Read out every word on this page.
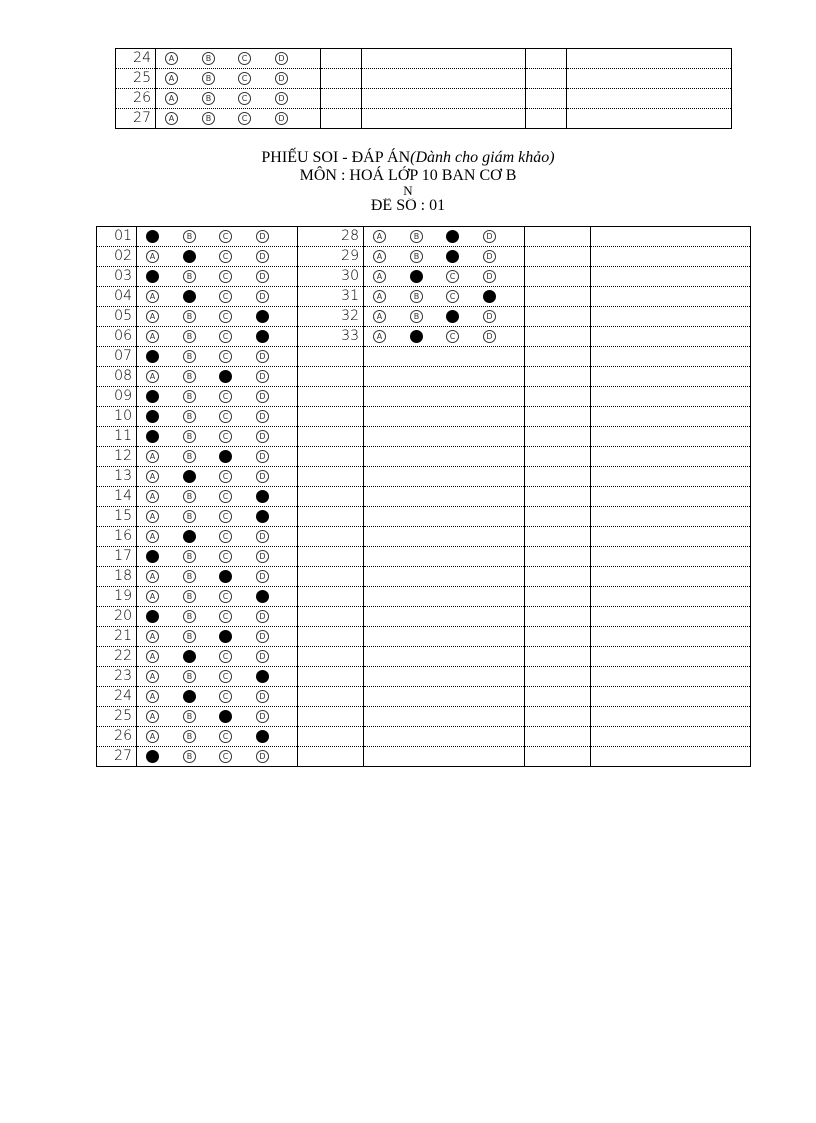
24	A B C D				

25	A B C D				

26	A B C D				

27	A B C D				

PHIẾU SOI - ĐÁP ÁN(Dành cho giám khảo)
MÔN : HOÁ LỚP 10 BAN CƠ B
N
ĐỀ SỐ : 01
01	B C D	28	A B D		

02	A C D	29	A B D		

03	B C D	30	A C D		

04	A C D	31	A B C		

05	A B C	32	A B D		

06	A B C	33	A C D		

07	B C D				

08	A B D				

09	B C D				

10	B C D				

11	B C D				

12	A B D				

13	A C D				

14	A B C				

15	A B C				

16	A C D				

17	B C D				

18	A B D				

19	A B C				

20	B C D				

21	A B D				

22	A C D				

23	A B C				

24	A C D				

25	A B D				

26	A B C				

27	B C D				
